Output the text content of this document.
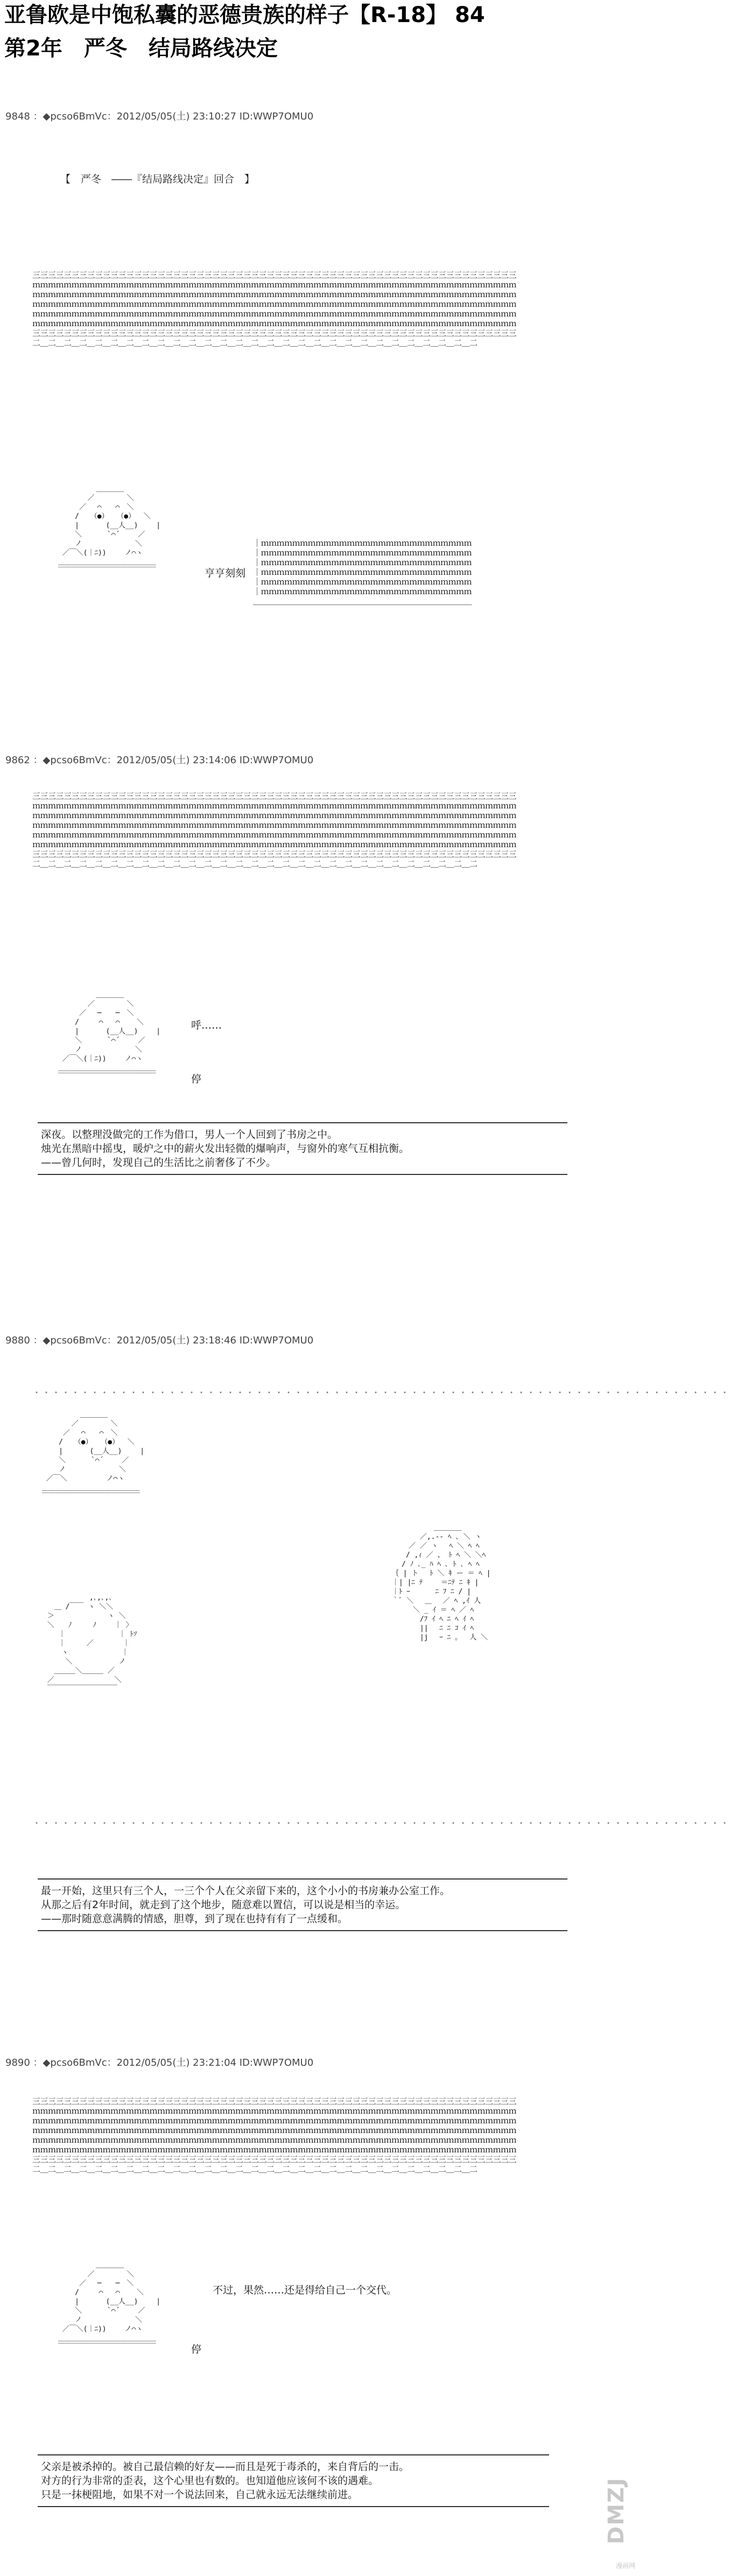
亚鲁欧是中饱私囊的恶德贵族的样子【R-18】 84
第2年　严冬　结局路线决定
9848 ：◆pcso6BmVc：2012/05/05(土) 23:10:27 ID:WWP7OMU0
【　严冬　――『结局路线决定』回合　】
三三三三三三三三三三三三三三三三三三三三三三三三三三三三三三三三三三三三三三三三三三三三三三三三三三三三三三三三三三三三三三
ｍｍｍｍｍｍｍｍｍｍｍｍｍｍｍｍｍｍｍｍｍｍｍｍｍｍｍｍｍｍｍｍｍｍｍｍｍｍｍｍｍｍｍｍｍｍｍｍｍｍｍｍｍｍｍｍｍｍｍｍｍｍ
ｍｍｍｍｍｍｍｍｍｍｍｍｍｍｍｍｍｍｍｍｍｍｍｍｍｍｍｍｍｍｍｍｍｍｍｍｍｍｍｍｍｍｍｍｍｍｍｍｍｍｍｍｍｍｍｍｍｍｍｍｍｍ
ｍｍｍｍｍｍｍｍｍｍｍｍｍｍｍｍｍｍｍｍｍｍｍｍｍｍｍｍｍｍｍｍｍｍｍｍｍｍｍｍｍｍｍｍｍｍｍｍｍｍｍｍｍｍｍｍｍｍｍｍｍｍ
ｍｍｍｍｍｍｍｍｍｍｍｍｍｍｍｍｍｍｍｍｍｍｍｍｍｍｍｍｍｍｍｍｍｍｍｍｍｍｍｍｍｍｍｍｍｍｍｍｍｍｍｍｍｍｍｍｍｍｍｍｍｍ
ｍｍｍｍｍｍｍｍｍｍｍｍｍｍｍｍｍｍｍｍｍｍｍｍｍｍｍｍｍｍｍｍｍｍｍｍｍｍｍｍｍｍｍｍｍｍｍｍｍｍｍｍｍｍｍｍｍｍｍｍｍｍ
三三三三三三三三三三三三三三三三三三三三三三三三三三三三三三三三三三三三三三三三三三三三三三三三三三三三三三三三三三三三三三
二＿二＿二＿二＿二＿二＿二＿二＿二＿二＿二＿二＿二＿二＿二＿二＿二＿二＿二＿二＿二＿二＿二＿二＿二＿二＿二＿二＿二
＿＿＿＿
／　　　　 ＼
／　 ⌒　　⌒　＼
/　 （●）  （●）  ＼
|　  　 (__人__)　　 |
＼　　　 `⌒´　 　／
ノ　　　　　　　 ＼
／￣＼(｜ﾆ))　　 ノ⌒ヽ
＿＿＿＿＿＿＿＿＿＿＿＿＿＿
￣￣￣￣￣￣￣￣￣￣￣￣￣￣	亨亨刻刻
｜ｍｍｍｍｍｍｍｍｍｍｍｍｍｍｍｍｍｍｍｍｍｍｍｍｍｍｍ
｜ｍｍｍｍｍｍｍｍｍｍｍｍｍｍｍｍｍｍｍｍｍｍｍｍｍｍｍ
｜ｍｍｍｍｍｍｍｍｍｍｍｍｍｍｍｍｍｍｍｍｍｍｍｍｍｍｍ
｜ｍｍｍｍｍｍｍｍｍｍｍｍｍｍｍｍｍｍｍｍｍｍｍｍｍｍｍ
｜ｍｍｍｍｍｍｍｍｍｍｍｍｍｍｍｍｍｍｍｍｍｍｍｍｍｍｍ
｜ｍｍｍｍｍｍｍｍｍｍｍｍｍｍｍｍｍｍｍｍｍｍｍｍｍｍｍ
＿＿＿＿＿＿＿＿＿＿＿＿＿＿＿＿＿＿＿＿＿＿＿＿＿＿＿＿
9862 ：◆pcso6BmVc：2012/05/05(土) 23:14:06 ID:WWP7OMU0
三三三三三三三三三三三三三三三三三三三三三三三三三三三三三三三三三三三三三三三三三三三三三三三三三三三三三三三三三三三三三三
ｍｍｍｍｍｍｍｍｍｍｍｍｍｍｍｍｍｍｍｍｍｍｍｍｍｍｍｍｍｍｍｍｍｍｍｍｍｍｍｍｍｍｍｍｍｍｍｍｍｍｍｍｍｍｍｍｍｍｍｍｍｍ
ｍｍｍｍｍｍｍｍｍｍｍｍｍｍｍｍｍｍｍｍｍｍｍｍｍｍｍｍｍｍｍｍｍｍｍｍｍｍｍｍｍｍｍｍｍｍｍｍｍｍｍｍｍｍｍｍｍｍｍｍｍｍ
ｍｍｍｍｍｍｍｍｍｍｍｍｍｍｍｍｍｍｍｍｍｍｍｍｍｍｍｍｍｍｍｍｍｍｍｍｍｍｍｍｍｍｍｍｍｍｍｍｍｍｍｍｍｍｍｍｍｍｍｍｍｍ
ｍｍｍｍｍｍｍｍｍｍｍｍｍｍｍｍｍｍｍｍｍｍｍｍｍｍｍｍｍｍｍｍｍｍｍｍｍｍｍｍｍｍｍｍｍｍｍｍｍｍｍｍｍｍｍｍｍｍｍｍｍｍ
ｍｍｍｍｍｍｍｍｍｍｍｍｍｍｍｍｍｍｍｍｍｍｍｍｍｍｍｍｍｍｍｍｍｍｍｍｍｍｍｍｍｍｍｍｍｍｍｍｍｍｍｍｍｍｍｍｍｍｍｍｍｍ
三三三三三三三三三三三三三三三三三三三三三三三三三三三三三三三三三三三三三三三三三三三三三三三三三三三三三三三三三三三三三三
二＿二＿二＿二＿二＿二＿二＿二＿二＿二＿二＿二＿二＿二＿二＿二＿二＿二＿二＿二＿二＿二＿二＿二＿二＿二＿二＿二＿二
＿＿＿＿
／　　　　 ＼
／　 ─　　─　＼
/　   ⌒   ⌒    ＼
|　  　 (__人__)　　 |
＼　　　 `⌒´　 　／
ノ　　　　　　　 ＼
／￣＼(｜ﾆ))　　 ノ⌒ヽ
＿＿＿＿＿＿＿＿＿＿＿＿＿＿
￣￣￣￣￣￣￣￣￣￣￣￣￣￣
呼……
停
深夜。以整理没做完的工作为借口，男人一个人回到了书房之中。
烛光在黑暗中摇曳，暖炉之中的薪火发出轻微的爆响声，与窗外的寒气互相抗衡。
——曾几何时，发现自己的生活比之前奢侈了不少。
9880 ：◆pcso6BmVc：2012/05/05(土) 23:18:46 ID:WWP7OMU0
・・・・・・・・・・・・・・・・・・・・・・・・・・・・・・・・・・・・・・・・・・・・・・・・・・・・・・・・・・・・・・・・・・・・・・・・
＿＿＿＿
／　　　　 ＼
／　 ⌒　　⌒　＼
/　 （●）  （●）  ＼
|　  　 (__人__)　　 |
＼　　　 `⌒´　 　／
ノ　　　　　　　 ＼
／￣＼　　　　　 ノ⌒ヽ
＿＿＿＿＿＿＿＿＿＿＿＿＿＿
￣￣￣￣￣￣￣￣￣￣￣￣￣￣
　　　　　　 ,､,､,､
　 ＿ /￣￣ ヽ ＼＼
＞　　　　　　　 ヽ ＼
＼　　ﾉ　　　ﾉ　　 ｜ 〉
　 ｜　　　　　　　 ｜ ﾄｿ
　 ｜　　　／ 　　　 ｜
　　ヽ　　　　　　　 ｜
　　 ＼　　　　　　 ノ
　＿＿＿＼＿＿＿ ／
／　　　　　　　　 ＼
￣￣￣￣￣￣￣￣￣￣
　　　　　　 ＿＿＿＿
　　　　 ／,.-‐ ﾍ ､ ＼ ヽ
　　　／ ／ ヽ　 ﾍ ＼ ﾍ ﾍ
　　 / ,ｨ ／ 、 ﾄ ﾍ ＼ ＼ﾍ
　　/ ﾉ ､_ ﾊ ﾍ ､ ﾄ ､ ﾍ ﾍ
｛ | ト　 ﾄ ＼ ｷ ー ＝ ﾍ |
｜| |ﾆ ﾃ　　 ＝ﾆﾃ ﾆ ｷ |
｜ﾄ ｰ　　　 ﾆ ﾌ ﾆ / |
｀ﾞ ＼　 ＿　 ／ ﾍ ,ｲ 人
　　　 ＼ _ ｲ ＝ ﾍ ／ ﾍ
　　　　 /ﾌ ｲ ﾍ ﾆ ﾍ ｲ ﾍ
　　　　 ||　 ﾆ ﾆ ｺ ｲ ﾍ
　　　　 |j　 ｰ ﾆ ｡　 人 ＼
・・・・・・・・・・・・・・・・・・・・・・・・・・・・・・・・・・・・・・・・・・・・・・・・・・・・・・・・・・・・・・・・・・・・・・・・
最一开始，这里只有三个人，一三个个人在父亲留下来的，这个小小的书房兼办公室工作。
从那之后有2年时间，就走到了这个地步，随意难以置信，可以说是相当的幸运。
——那时随意意满腾的情感，胆尊，到了现在也持有有了一点缓和。
9890 ：◆pcso6BmVc：2012/05/05(土) 23:21:04 ID:WWP7OMU0
三三三三三三三三三三三三三三三三三三三三三三三三三三三三三三三三三三三三三三三三三三三三三三三三三三三三三三三三三三三三三三
ｍｍｍｍｍｍｍｍｍｍｍｍｍｍｍｍｍｍｍｍｍｍｍｍｍｍｍｍｍｍｍｍｍｍｍｍｍｍｍｍｍｍｍｍｍｍｍｍｍｍｍｍｍｍｍｍｍｍｍｍｍｍ
ｍｍｍｍｍｍｍｍｍｍｍｍｍｍｍｍｍｍｍｍｍｍｍｍｍｍｍｍｍｍｍｍｍｍｍｍｍｍｍｍｍｍｍｍｍｍｍｍｍｍｍｍｍｍｍｍｍｍｍｍｍｍ
ｍｍｍｍｍｍｍｍｍｍｍｍｍｍｍｍｍｍｍｍｍｍｍｍｍｍｍｍｍｍｍｍｍｍｍｍｍｍｍｍｍｍｍｍｍｍｍｍｍｍｍｍｍｍｍｍｍｍｍｍｍｍ
ｍｍｍｍｍｍｍｍｍｍｍｍｍｍｍｍｍｍｍｍｍｍｍｍｍｍｍｍｍｍｍｍｍｍｍｍｍｍｍｍｍｍｍｍｍｍｍｍｍｍｍｍｍｍｍｍｍｍｍｍｍｍ
ｍｍｍｍｍｍｍｍｍｍｍｍｍｍｍｍｍｍｍｍｍｍｍｍｍｍｍｍｍｍｍｍｍｍｍｍｍｍｍｍｍｍｍｍｍｍｍｍｍｍｍｍｍｍｍｍｍｍｍｍｍｍ
三三三三三三三三三三三三三三三三三三三三三三三三三三三三三三三三三三三三三三三三三三三三三三三三三三三三三三三三三三三三三三
二＿二＿二＿二＿二＿二＿二＿二＿二＿二＿二＿二＿二＿二＿二＿二＿二＿二＿二＿二＿二＿二＿二＿二＿二＿二＿二＿二＿二
＿＿＿＿
／　　　　 ＼
／　 ─　　─　＼
/　   ⌒   ⌒    ＼
|　  　 (__人__)　　 |
＼　　　 `⌒´　 　／
ノ　　　　　　　 ＼
／￣＼(｜ﾆ))　　 ノ⌒ヽ
＿＿＿＿＿＿＿＿＿＿＿＿＿＿
￣￣￣￣￣￣￣￣￣￣￣￣￣￣
不过，果然……还是得给自己一个交代。
停
父亲是被杀掉的。被自己最信赖的好友——而且是死于毒杀的，来自背后的一击。
对方的行为非常的歪表，这个心里也有数的。也知道他应该何不该的遇难。
只是一抹梗阻地，如果不对一个说法回来，自己就永远无法继续前进。	DMZJ
漫画网
